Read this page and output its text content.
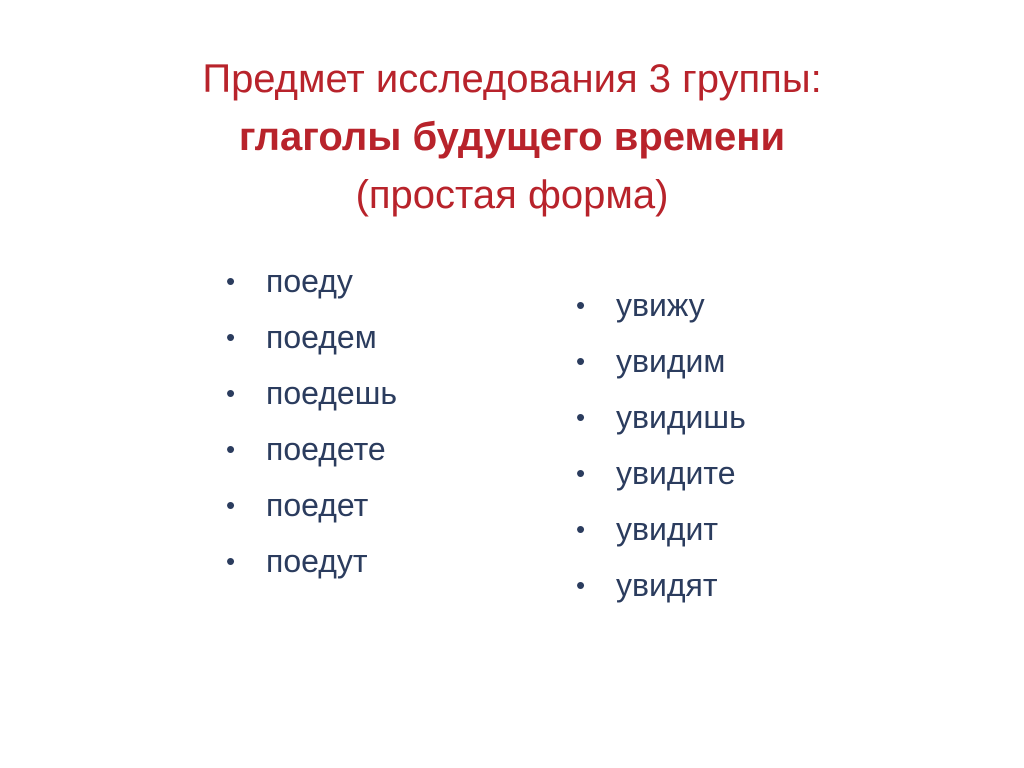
Предмет исследования 3 группы:
глаголы будущего времени
(простая форма)
• поеду
• поедем
• поедешь
• поедете
• поедет
• поедут
• увижу
• увидим
• увидишь
• увидите
• увидит
• увидят
